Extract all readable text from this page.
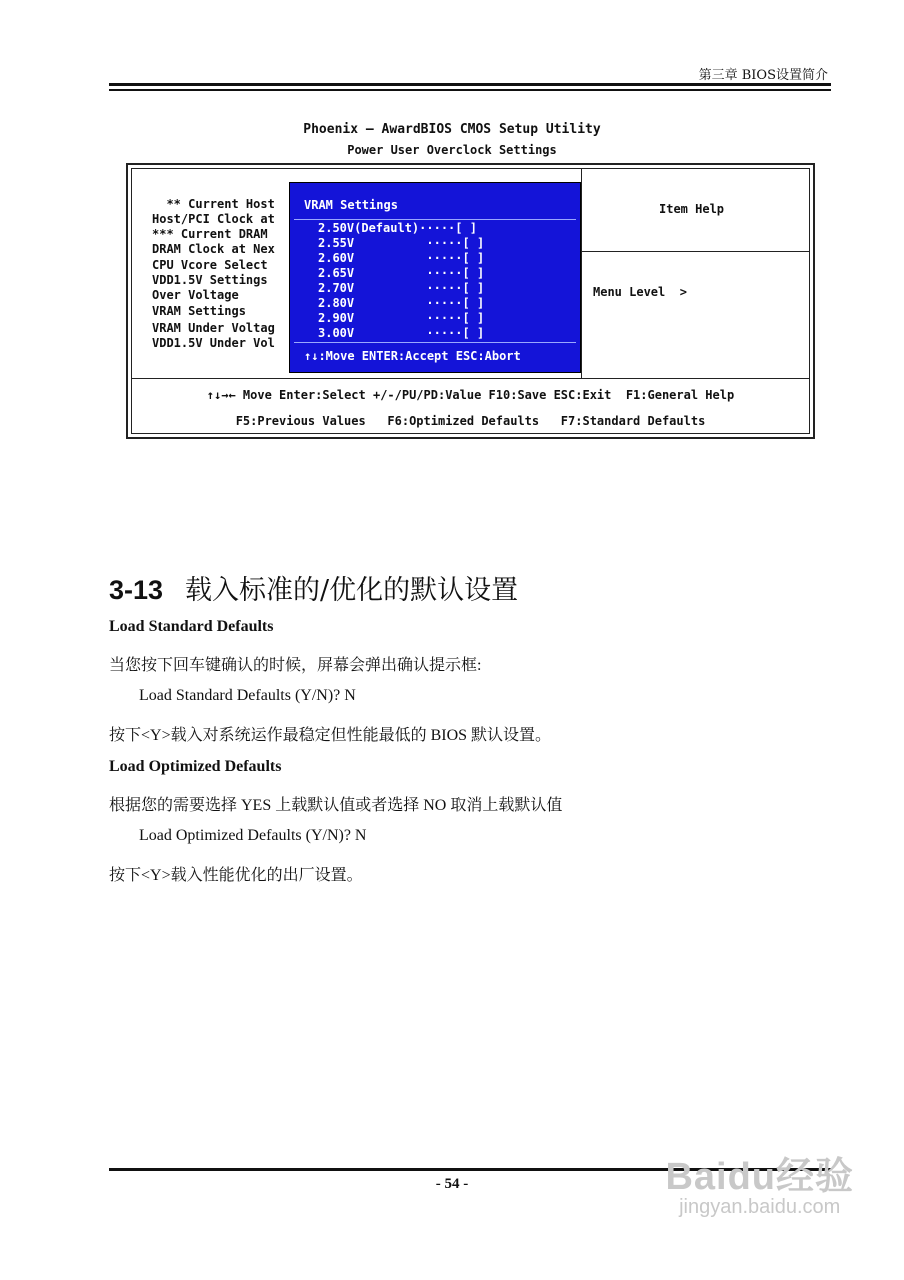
第三章 BIOS设置简介
Phoenix – AwardBIOS CMOS Setup Utility
Power User Overclock Settings
** Current Host
Host/PCI Clock at
*** Current DRAM
DRAM Clock at Nex
CPU Vcore Select
VDD1.5V Settings
Over Voltage
VRAM Settings
VRAM Under Voltag
VDD1.5V Under Vol
Item Help
Menu Level  >
↑↓→← Move Enter:Select +/-/PU/PD:Value F10:Save ESC:Exit  F1:General Help
F5:Previous Values   F6:Optimized Defaults   F7:Standard Defaults
VRAM Settings
2.50V(Default)·····[ ]
2.55V          ·····[ ]
2.60V          ·····[ ]
2.65V          ·····[ ]
2.70V          ·····[ ]
2.80V          ·····[ ]
2.90V          ·····[ ]
3.00V          ·····[ ]
↑↓:Move ENTER:Accept ESC:Abort
3-13 载入标准的/优化的默认设置
Load Standard Defaults
当您按下回车键确认的时候，屏幕会弹出确认提示框:
Load Standard Defaults (Y/N)? N
按下<Y>载入对系统运作最稳定但性能最低的 BIOS 默认设置。
Load Optimized Defaults
根据您的需要选择 YES 上载默认值或者选择 NO 取消上载默认值
Load Optimized Defaults (Y/N)? N
按下<Y>载入性能优化的出厂设置。
- 54 -	Baidu经验
jingyan.baidu.com
